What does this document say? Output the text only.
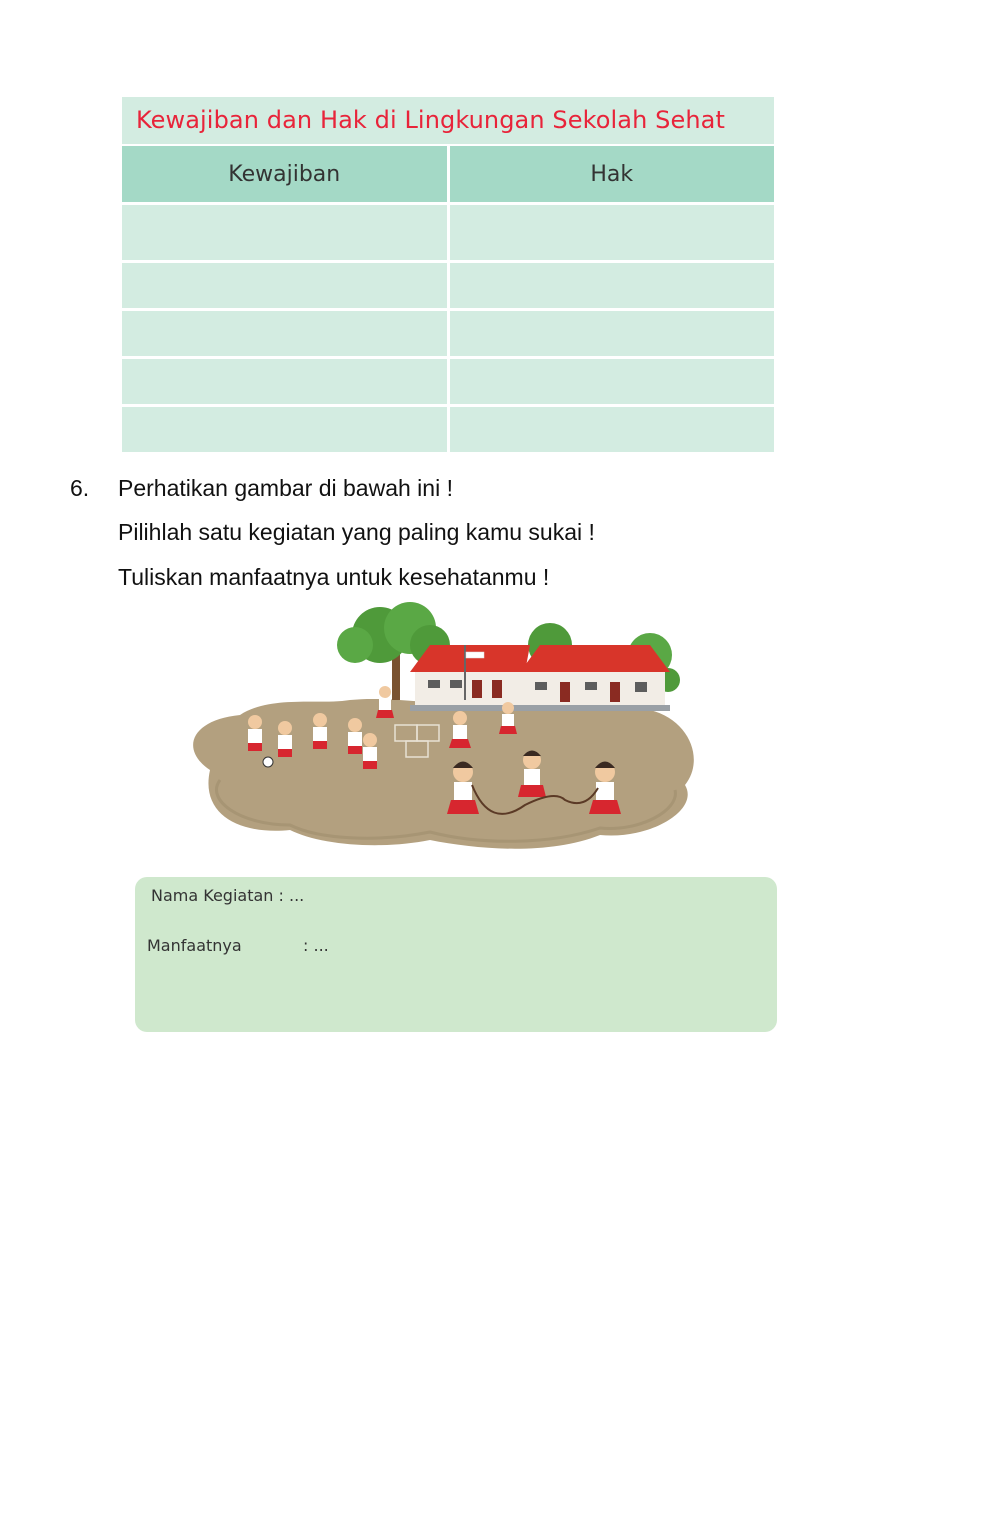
Kewajiban dan Hak di Lingkungan Sekolah Sehat
Kewajiban	Hak
6. Perhatikan gambar di bawah ini !
Pilihlah satu kegiatan yang paling kamu sukai !
Tuliskan manfaatnya untuk kesehatanmu !
Nama Kegiatan : ...
Manfaatnya	: ...
